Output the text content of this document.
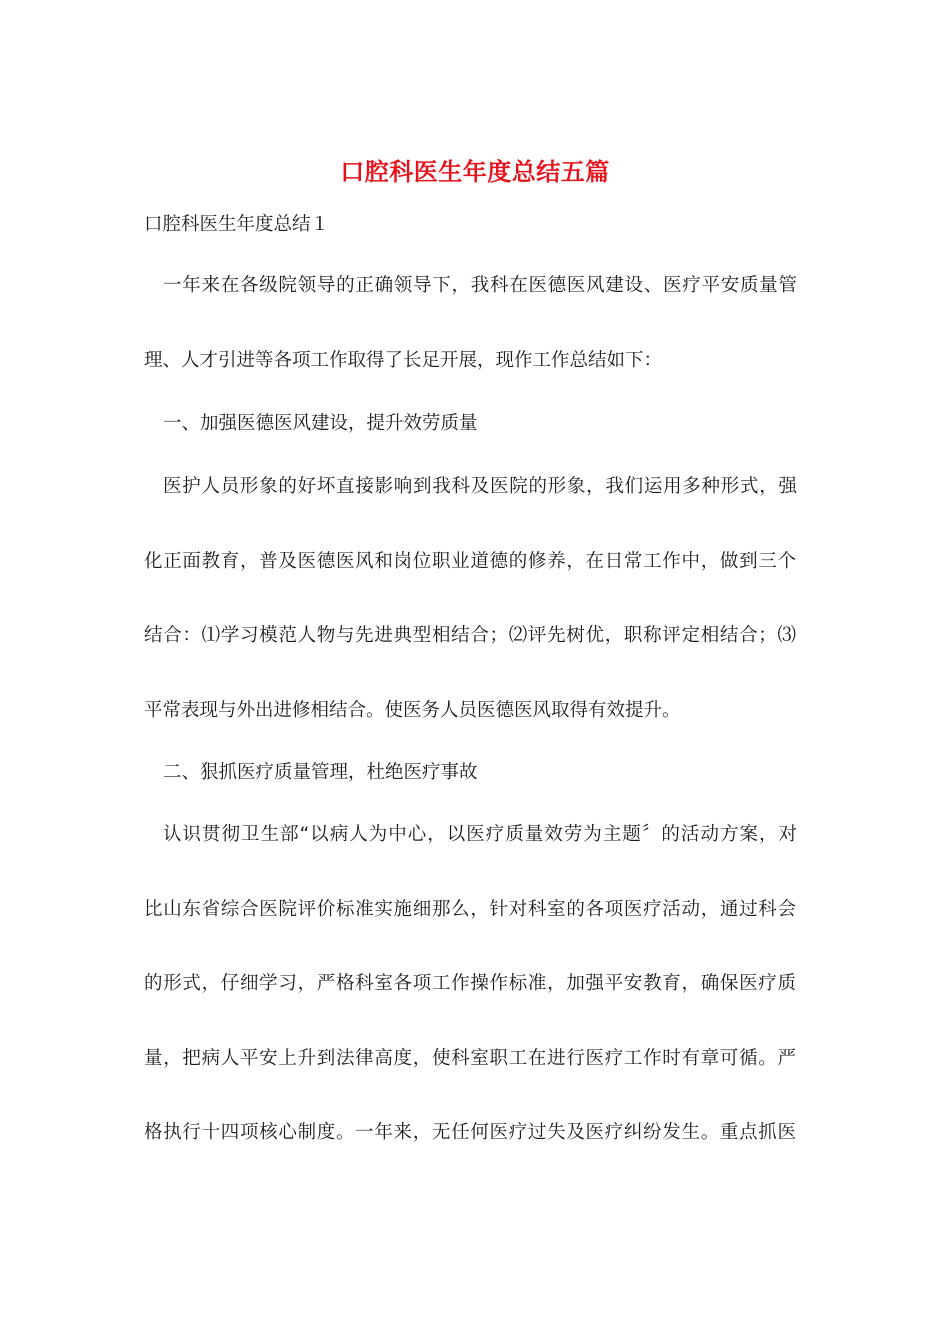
口腔科医生年度总结五篇

口腔科医生年度总结１

一年来在各级院领导的正确领导下，我科在医德医风建设、医疗平安质量管

理、人才引进等各项工作取得了长足开展，现作工作总结如下：

一、加强医德医风建设，提升效劳质量

医护人员形象的好坏直接影响到我科及医院的形象，我们运用多种形式，强

化正面教育，普及医德医风和岗位职业道德的修养，在日常工作中，做到三个

结合：⑴学习模范人物与先进典型相结合；⑵评先树优，职称评定相结合；⑶

平常表现与外出进修相结合。使医务人员医德医风取得有效提升。

二、狠抓医疗质量管理，杜绝医疗事故

认识贯彻卫生部“以病人为中心，以医疗质量效劳为主题〞的活动方案，对

比山东省综合医院评价标准实施细那么，针对科室的各项医疗活动，通过科会

的形式，仔细学习，严格科室各项工作操作标准，加强平安教育，确保医疗质

量，把病人平安上升到法律高度，使科室职工在进行医疗工作时有章可循。严

格执行十四项核心制度。一年来，无任何医疗过失及医疗纠纷发生。重点抓医
